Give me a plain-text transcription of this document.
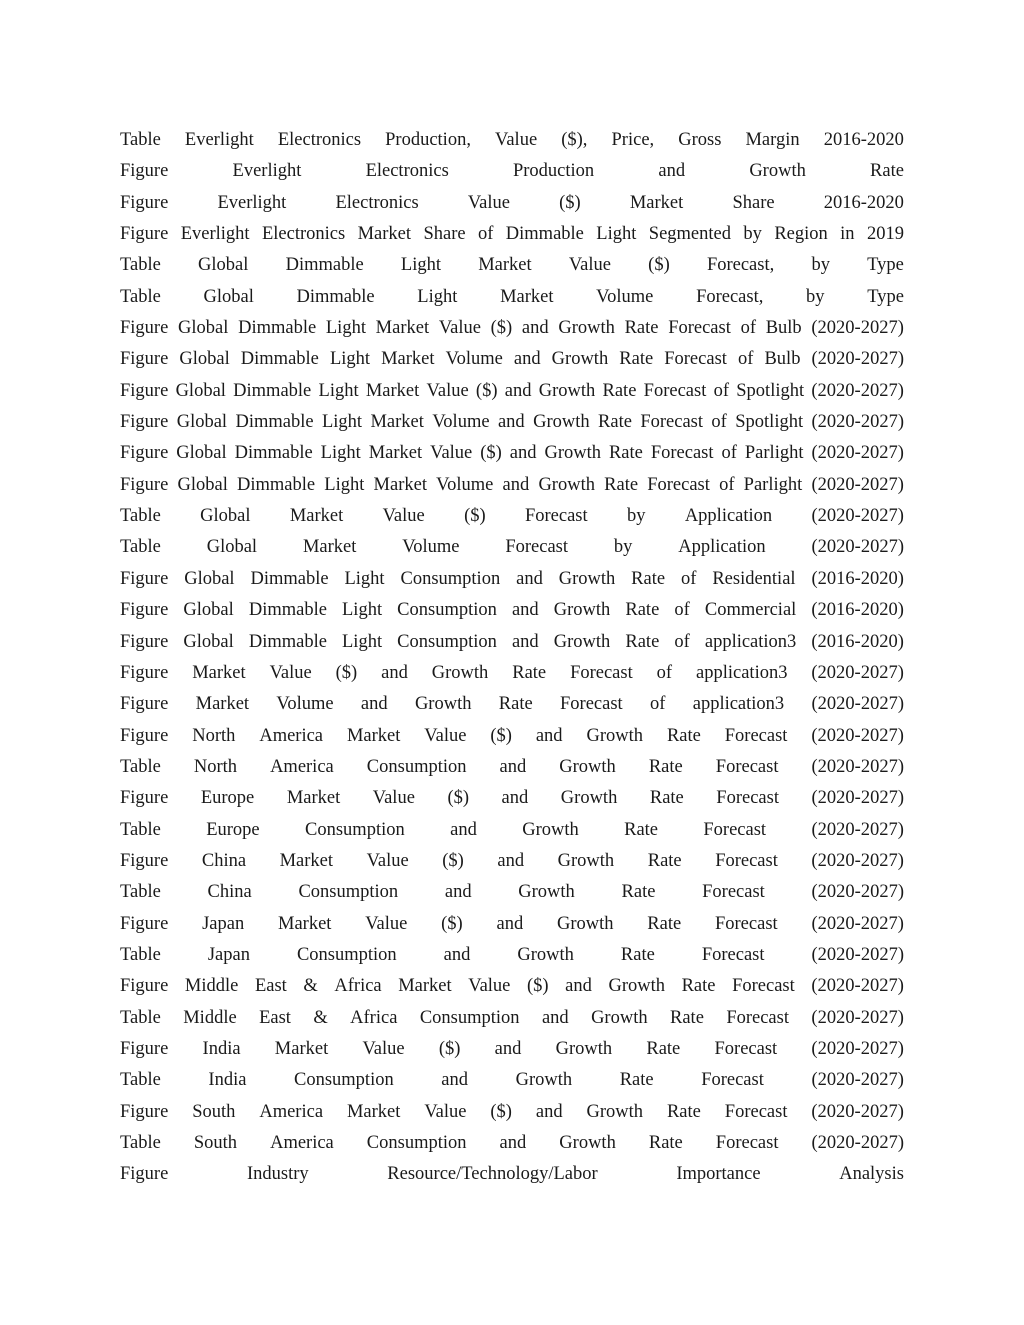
Table Everlight Electronics Production, Value ($), Price, Gross Margin 2016-2020
Figure	Everlight	Electronics	Production	and	Growth	Rate
Figure	Everlight	Electronics	Value	($)	Market	Share	2016-2020
Figure Everlight Electronics Market Share of Dimmable Light Segmented by Region in 2019
Table Global Dimmable Light Market Value ($) Forecast, by Type
Table Global Dimmable Light Market Volume Forecast, by Type
Figure Global Dimmable Light Market Value ($) and Growth Rate Forecast of Bulb (2020-2027)
Figure Global Dimmable Light Market Volume and Growth Rate Forecast of Bulb (2020-2027)
Figure Global Dimmable Light Market Value ($) and Growth Rate Forecast of Spotlight (2020-2027)
Figure Global Dimmable Light Market Volume and Growth Rate Forecast of Spotlight (2020-2027)
Figure Global Dimmable Light Market Value ($) and Growth Rate Forecast of Parlight (2020-2027)
Figure Global Dimmable Light Market Volume and Growth Rate Forecast of Parlight (2020-2027)
Table Global Market Value ($) Forecast by Application (2020-2027)
Table Global Market Volume Forecast by Application (2020-2027)
Figure Global Dimmable Light Consumption and Growth Rate of Residential (2016-2020)
Figure Global Dimmable Light Consumption and Growth Rate of Commercial (2016-2020)
Figure Global Dimmable Light Consumption and Growth Rate of application3 (2016-2020)
Figure Market Value ($) and Growth Rate Forecast of application3 (2020-2027)
Figure Market Volume and Growth Rate Forecast of application3 (2020-2027)
Figure North America Market Value ($) and Growth Rate Forecast (2020-2027)
Table North America Consumption and Growth Rate Forecast (2020-2027)
Figure Europe Market Value ($) and Growth Rate Forecast (2020-2027)
Table Europe Consumption and Growth Rate Forecast (2020-2027)
Figure China Market Value ($) and Growth Rate Forecast (2020-2027)
Table	China	Consumption	and	Growth	Rate	Forecast	(2020-2027)
Figure Japan Market Value ($) and Growth Rate Forecast (2020-2027)
Table	Japan	Consumption	and	Growth	Rate	Forecast	(2020-2027)
Figure Middle East & Africa Market Value ($) and Growth Rate Forecast (2020-2027)
Table Middle East & Africa Consumption and Growth Rate Forecast (2020-2027)
Figure India Market Value ($) and Growth Rate Forecast (2020-2027)
Table	India	Consumption	and	Growth	Rate	Forecast	(2020-2027)
Figure South America Market Value ($) and Growth Rate Forecast (2020-2027)
Table South America Consumption and Growth Rate Forecast (2020-2027)
Figure	Industry	Resource/Technology/Labor	Importance	Analysis
